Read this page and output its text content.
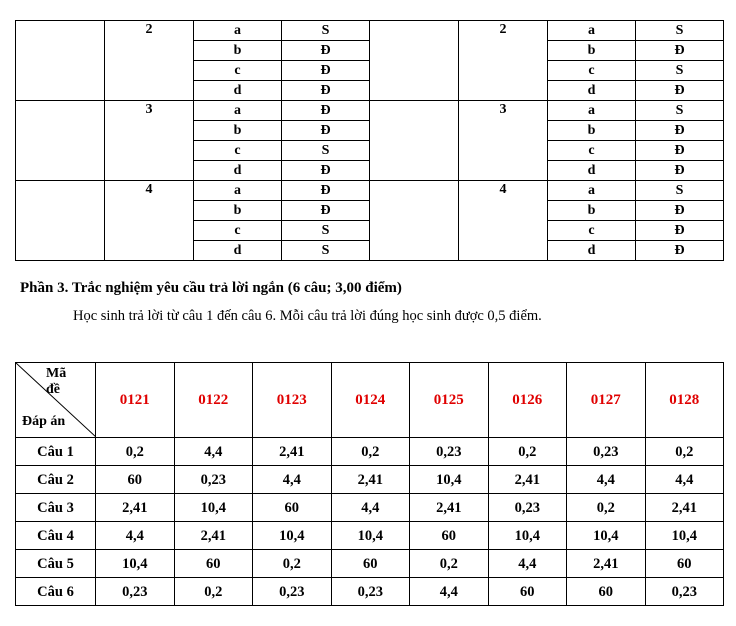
	2	a	S		2	a	S
		b	Đ			b	Đ
		c	Đ			c	S
		d	Đ			d	Đ
	3	a	Đ		3	a	S
		b	Đ			b	Đ
		c	S			c	Đ
		d	Đ			d	Đ
	4	a	Đ		4	a	S
		b	Đ			b	Đ
		c	S			c	Đ
		d	S			d	Đ
Phần 3. Trắc nghiệm yêu cầu trả lời ngắn (6 câu; 3,00 điểm)
Học sinh trả lời từ câu 1 đến câu 6. Mỗi câu trả lời đúng học sinh được 0,5 điểm.
Mã đề
Đáp án	0121	0122	0123	0124	0125	0126	0127	0128
Câu 1	0,2	4,4	2,41	0,2	0,23	0,2	0,23	0,2
Câu 2	60	0,23	4,4	2,41	10,4	2,41	4,4	4,4
Câu 3	2,41	10,4	60	4,4	2,41	0,23	0,2	2,41
Câu 4	4,4	2,41	10,4	10,4	60	10,4	10,4	10,4
Câu 5	10,4	60	0,2	60	0,2	4,4	2,41	60
Câu 6	0,23	0,2	0,23	0,23	4,4	60	60	0,23
